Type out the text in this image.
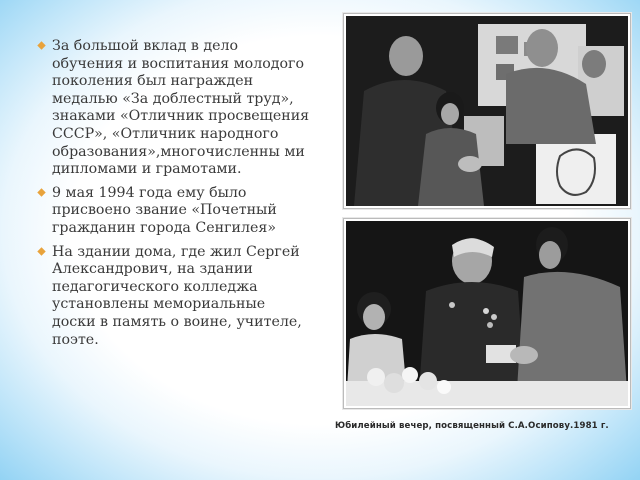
За большой вклад в дело обучения и воспитания молодого поколения был награжден медалью «За доблестный труд», знаками «Отличник просвещения СССР», «Отличник народного образования»,многочисленны ми дипломами и грамотами.
9 мая 1994 года ему было присвоено звание «Почетный гражданин города Сенгилея»
На здании дома, где жил Сергей Александрович, на здании педагогического колледжа установлены мемориальные доски в память о воине, учителе, поэте.
Юбилейный вечер, посвященный С.А.Осипову.1981 г.
